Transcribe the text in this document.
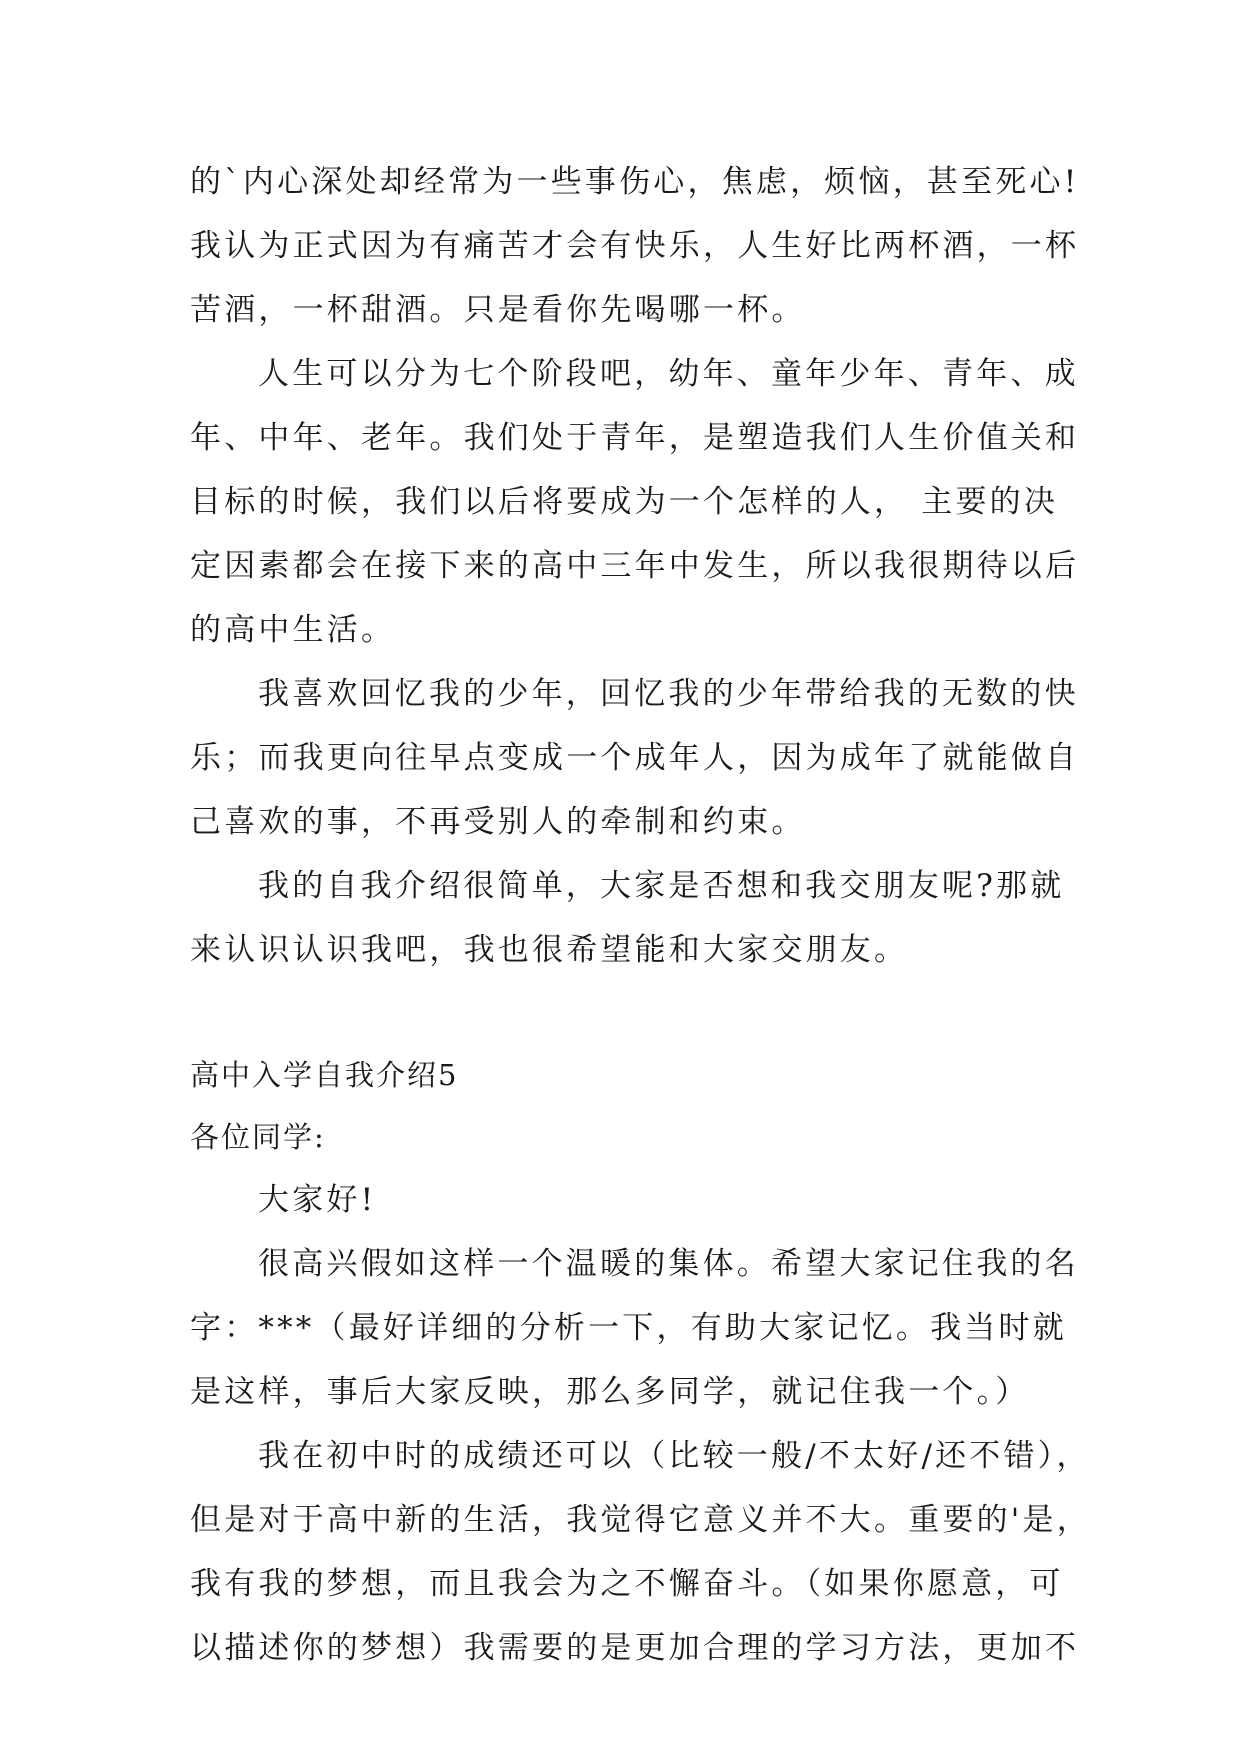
的`内心深处却经常为一些事伤心，焦虑，烦恼，甚至死心!
我认为正式因为有痛苦才会有快乐，人生好比两杯酒，一杯
苦酒，一杯甜酒。只是看你先喝哪一杯。

人生可以分为七个阶段吧，幼年、童年少年、青年、成
年、中年、老年。我们处于青年，是塑造我们人生价值关和
目标的时候，我们以后将要成为一个怎样的人， 主要的决
定因素都会在接下来的高中三年中发生，所以我很期待以后
的高中生活。

我喜欢回忆我的少年，回忆我的少年带给我的无数的快
乐；而我更向往早点变成一个成年人，因为成年了就能做自
己喜欢的事，不再受别人的牵制和约束。

我的自我介绍很简单，大家是否想和我交朋友呢?那就
来认识认识我吧，我也很希望能和大家交朋友。

高中入学自我介绍5

各位同学:

大家好!

很高兴假如这样一个温暖的集体。希望大家记住我的名
字：***（最好详细的分析一下，有助大家记忆。我当时就
是这样，事后大家反映，那么多同学，就记住我一个。）

我在初中时的成绩还可以（比较一般/不太好/还不错），
但是对于高中新的生活，我觉得它意义并不大。重要的'是，
我有我的梦想，而且我会为之不懈奋斗。（如果你愿意，可
以描述你的梦想）我需要的是更加合理的学习方法，更加不
